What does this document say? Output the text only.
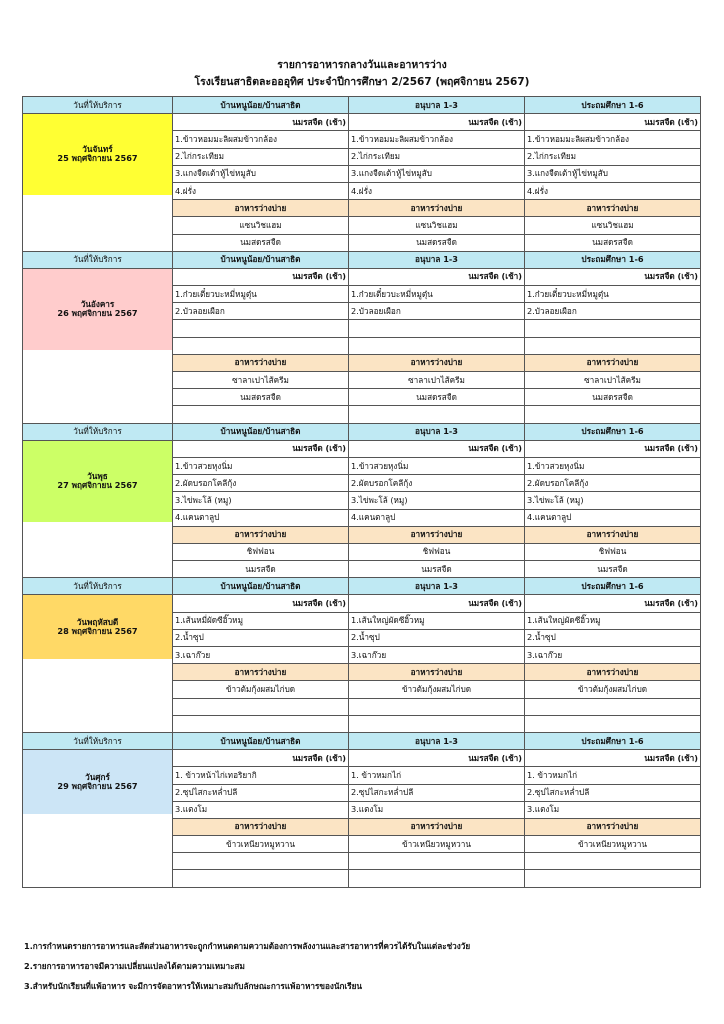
รายการอาหารกลางวันและอาหารว่าง
โรงเรียนสาธิตละอออุทิศ ประจำปีการศึกษา 2/2567 (พฤศจิกายน 2567)
วันที่ให้บริการ	บ้านหนูน้อย/บ้านสาธิต	อนุบาล 1-3	ประถมศึกษา 1-6

วันจันทร์
25 พฤศจิกายน 2567	นมรสจืด (เช้า)	นมรสจืด (เช้า)	นมรสจืด (เช้า)
	1.ข้าวหอมมะลิผสมข้าวกล้อง	1.ข้าวหอมมะลิผสมข้าวกล้อง	1.ข้าวหอมมะลิผสมข้าวกล้อง
	2.ไก่กระเทียม	2.ไก่กระเทียม	2.ไก่กระเทียม
	3.แกงจืดเต้าหู้ไข่หมูสับ	3.แกงจืดเต้าหู้ไข่หมูสับ	3.แกงจืดเต้าหู้ไข่หมูสับ
	4.ฝรั่ง	4.ฝรั่ง	4.ฝรั่ง
	อาหารว่างบ่าย	อาหารว่างบ่าย	อาหารว่างบ่าย
	แซนวิชแฮม	แซนวิชแฮม	แซนวิชแฮม
	นมสดรสจืด	นมสดรสจืด	นมสดรสจืด
วันที่ให้บริการ	บ้านหนูน้อย/บ้านสาธิต	อนุบาล 1-3	ประถมศึกษา 1-6

วันอังคาร
26 พฤศจิกายน 2567	นมรสจืด (เช้า)	นมรสจืด (เช้า)	นมรสจืด (เช้า)
	1.ก๋วยเตี๋ยวบะหมี่หมูตุ๋น	1.ก๋วยเตี๋ยวบะหมี่หมูตุ๋น	1.ก๋วยเตี๋ยวบะหมี่หมูตุ๋น
	2.บัวลอยเผือก	2.บัวลอยเผือก	2.บัวลอยเผือก

	อาหารว่างบ่าย	อาหารว่างบ่าย	อาหารว่างบ่าย
	ซาลาเปาไส้ครีม	ซาลาเปาไส้ครีม	ซาลาเปาไส้ครีม
	นมสดรสจืด	นมสดรสจืด	นมสดรสจืด

วันที่ให้บริการ	บ้านหนูน้อย/บ้านสาธิต	อนุบาล 1-3	ประถมศึกษา 1-6

วันพุธ
27 พฤศจิกายน 2567	นมรสจืด (เช้า)	นมรสจืด (เช้า)	นมรสจืด (เช้า)
	1.ข้าวสวยหุงนิ่ม	1.ข้าวสวยหุงนิ่ม	1.ข้าวสวยหุงนิ่ม
	2.ผัดบรอกโคลีกุ้ง	2.ผัดบรอกโคลีกุ้ง	2.ผัดบรอกโคลีกุ้ง
	3.ไข่พะโล้ (หมู)	3.ไข่พะโล้ (หมู)	3.ไข่พะโล้ (หมู)
	4.แคนตาลูป	4.แคนตาลูป	4.แคนตาลูป
	อาหารว่างบ่าย	อาหารว่างบ่าย	อาหารว่างบ่าย
	ชิฟฟอน	ชิฟฟอน	ชิฟฟอน
	นมรสจืด	นมรสจืด	นมรสจืด
วันที่ให้บริการ	บ้านหนูน้อย/บ้านสาธิต	อนุบาล 1-3	ประถมศึกษา 1-6

วันพฤหัสบดี
28 พฤศจิกายน 2567	นมรสจืด (เช้า)	นมรสจืด (เช้า)	นมรสจืด (เช้า)
	1.เส้นหมี่ผัดซีอิ๊วหมู	1.เส้นใหญ่ผัดซีอิ๊วหมู	1.เส้นใหญ่ผัดซีอิ๊วหมู
	2.น้ำซุป	2.น้ำซุป	2.น้ำซุป
	3.เฉาก๊วย	3.เฉาก๊วย	3.เฉาก๊วย
	อาหารว่างบ่าย	อาหารว่างบ่าย	อาหารว่างบ่าย
	ข้าวต้มกุ้งผสมไก่บด	ข้าวต้มกุ้งผสมไก่บด	ข้าวต้มกุ้งผสมไก่บด

วันที่ให้บริการ	บ้านหนูน้อย/บ้านสาธิต	อนุบาล 1-3	ประถมศึกษา 1-6

วันศุกร์
29 พฤศจิกายน 2567	นมรสจืด (เช้า)	นมรสจืด (เช้า)	นมรสจืด (เช้า)
	1. ข้าวหน้าไก่เทอริยากิ	1. ข้าวหมกไก่	1. ข้าวหมกไก่
	2.ซุปไสกะหล่ำปลี	2.ซุปไสกะหล่ำปลี	2.ซุปไสกะหล่ำปลี
	3.แตงโม	3.แตงโม	3.แตงโม
	อาหารว่างบ่าย	อาหารว่างบ่าย	อาหารว่างบ่าย
	ข้าวเหนียวหมูหวาน	ข้าวเหนียวหมูหวาน	ข้าวเหนียวหมูหวาน

1.การกำหนดรายการอาหารและสัดส่วนอาหารจะถูกกำหนดตามความต้องการพลังงานและสารอาหารที่ควรได้รับในแต่ละช่วงวัย
2.รายการอาหารอาจมีความเปลี่ยนแปลงได้ตามความเหมาะสม
3.สำหรับนักเรียนที่แพ้อาหาร จะมีการจัดอาหารให้เหมาะสมกับลักษณะการแพ้อาหารของนักเรียน
